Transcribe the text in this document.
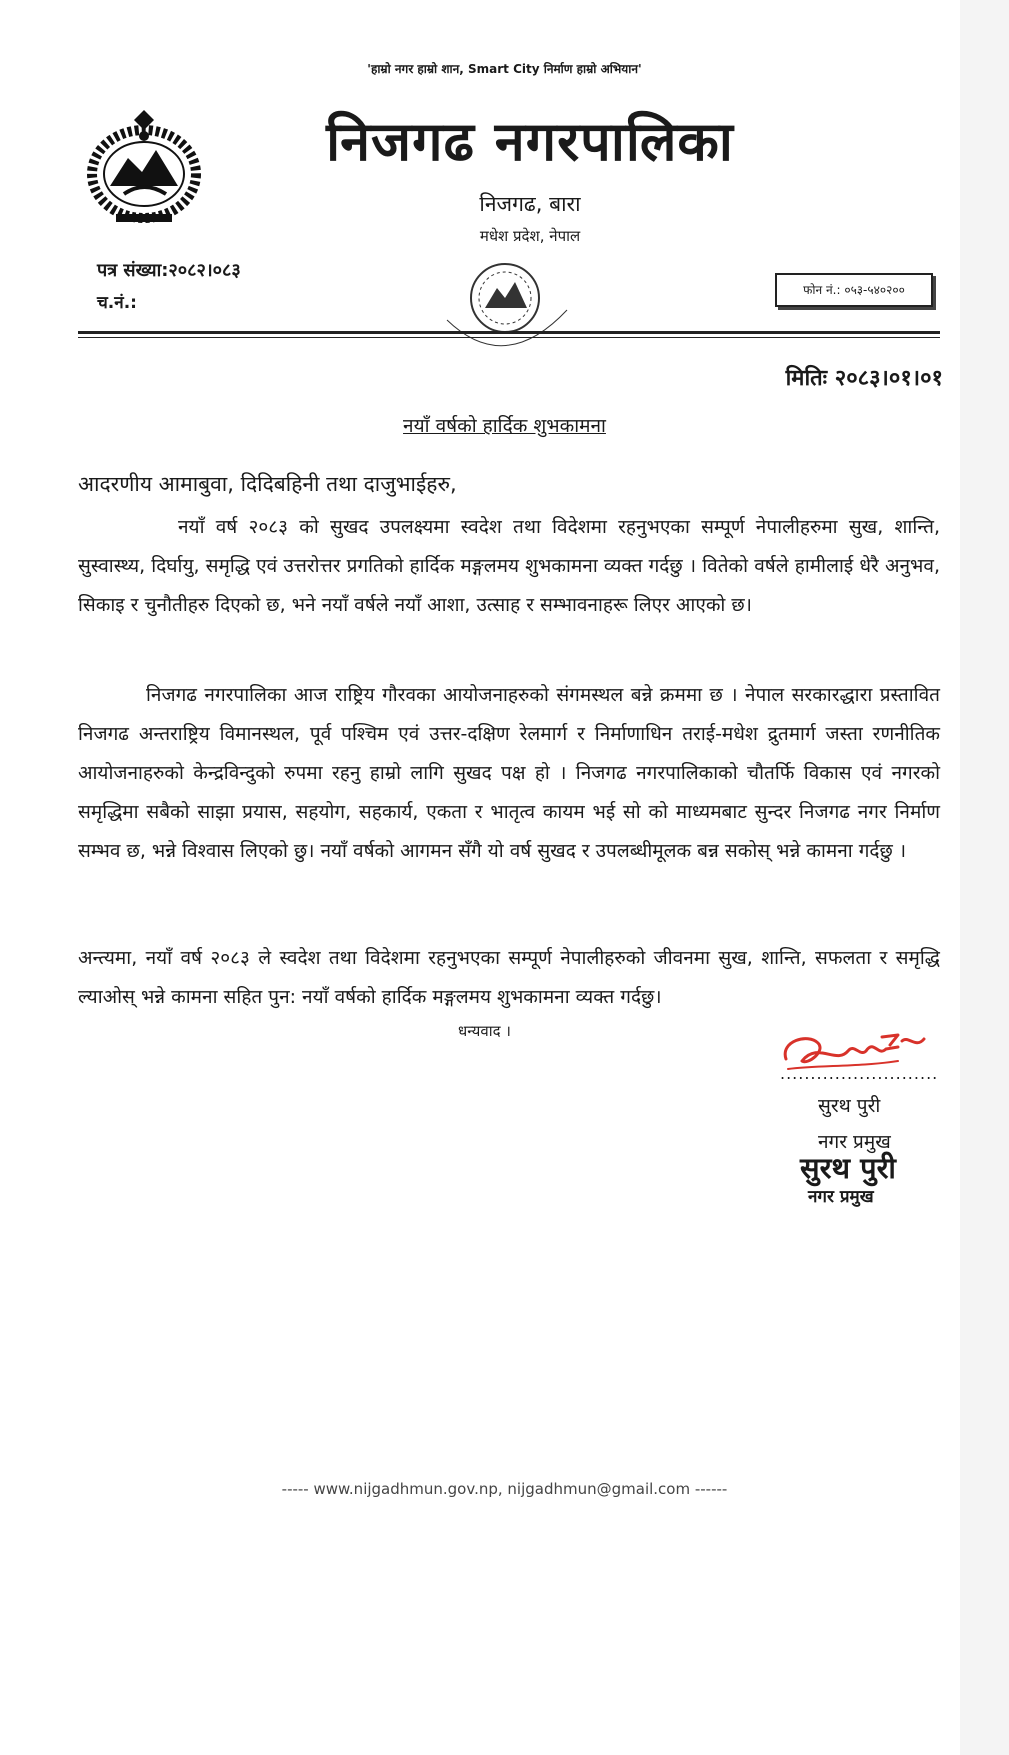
'हाम्रो नगर हाम्रो शान, Smart City निर्माण हाम्रो अभियान'
निजगढ नगरपालिका
निजगढ, बारा
मधेश प्रदेश, नेपाल
पत्र संख्या:२०८२।०८३
च.नं.:
फोन नं.: ०५३-५४०२००
मितिः २०८३।०१।०१
नयाँ वर्षको हार्दिक शुभकामना
आदरणीय आमाबुवा, दिदिबहिनी तथा दाजुभाईहरु,
नयाँ वर्ष २०८३ को सुखद उपलक्ष्यमा स्वदेश तथा विदेशमा रहनुभएका सम्पूर्ण नेपालीहरुमा सुख, शान्ति, सुस्वास्थ्य, दिर्घायु, समृद्धि एवं उत्तरोत्तर प्रगतिको हार्दिक मङ्गलमय शुभकामना व्यक्त गर्दछु । वितेको वर्षले हामीलाई धेरै अनुभव, सिकाइ र चुनौतीहरु दिएको छ, भने नयाँ वर्षले नयाँ आशा, उत्साह र सम्भावनाहरू लिएर आएको छ।
निजगढ नगरपालिका आज राष्ट्रिय गौरवका आयोजनाहरुको संगमस्थल बन्ने क्रममा छ । नेपाल सरकारद्धारा प्रस्तावित निजगढ अन्तराष्ट्रिय विमानस्थल, पूर्व पश्चिम एवं उत्तर-दक्षिण रेलमार्ग र निर्माणाधिन तराई-मधेश द्रुतमार्ग जस्ता रणनीतिक आयोजनाहरुको केन्द्रविन्दुको रुपमा रहनु हाम्रो लागि सुखद पक्ष हो । निजगढ नगरपालिकाको चौतर्फि विकास एवं नगरको समृद्धिमा सबैको साझा प्रयास, सहयोग, सहकार्य, एकता र भातृत्व कायम भई सो को माध्यमबाट सुन्दर निजगढ नगर निर्माण सम्भव छ, भन्ने विश्वास लिएको छु। नयाँ वर्षको आगमन सँगै यो वर्ष सुखद र उपलब्धीमूलक बन्न सकोस् भन्ने कामना गर्दछु ।
अन्त्यमा, नयाँ वर्ष २०८३ ले स्वदेश तथा विदेशमा रहनुभएका सम्पूर्ण नेपालीहरुको जीवनमा सुख, शान्ति, सफलता र समृद्धि ल्याओस् भन्ने कामना सहित पुन: नयाँ वर्षको हार्दिक मङ्गलमय शुभकामना व्यक्त गर्दछु।
धन्यवाद ।
..........................
सुरथ पुरी
नगर प्रमुख
सुरथ पुरी
नगर प्रमुख
----- www.nijgadhmun.gov.np, nijgadhmun@gmail.com ------
